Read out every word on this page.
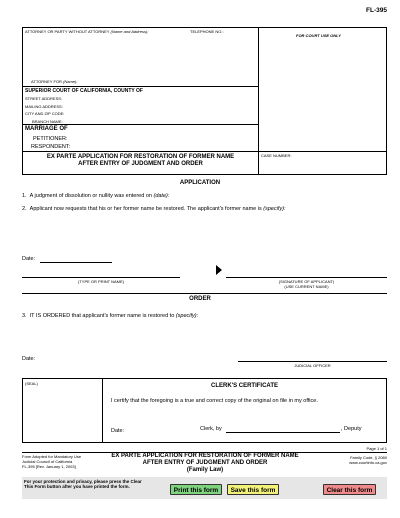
FL-395
ATTORNEY OR PARTY WITHOUT ATTORNEY (Name and Address):	TELEPHONE NO.:
FOR COURT USE ONLY
ATTORNEY FOR (Name):
SUPERIOR COURT OF CALIFORNIA, COUNTY OF
STREET ADDRESS:
MAILING ADDRESS:
CITY AND ZIP CODE:
BRANCH NAME:
MARRIAGE OF
PETITIONER:
RESPONDENT:
EX PARTE APPLICATION FOR RESTORATION OF FORMER NAME
AFTER ENTRY OF JUDGMENT AND ORDER
CASE NUMBER:
APPLICATION
1. A judgment of dissolution or nullity was entered on (date):
2. Applicant now requests that his or her former name be restored. The applicant's former name is (specify):
Date:
(TYPE OR PRINT NAME)	(SIGNATURE OF APPLICANT)
(USE CURRENT NAME)
ORDER
3. IT IS ORDERED that applicant's former name is restored to (specify):
Date:
JUDICIAL OFFICER
(SEAL)	CLERK'S CERTIFICATE
I certify that the foregoing is a true and correct copy of the original on file in my office.
Date:	Clerk, by	, Deputy
Page 1 of 1
Form Adopted for Mandatory Use
Judicial Council of California
FL-395 [Rev. January 1, 2003]
EX PARTE APPLICATION FOR RESTORATION OF FORMER NAME
AFTER ENTRY OF JUDGMENT AND ORDER
(Family Law)
Family Code, § 2080
www.courtinfo.ca.gov
For your protection and privacy, please press the Clear
This Form button after you have printed the form.
Print this form	Save this form	Clear this form
